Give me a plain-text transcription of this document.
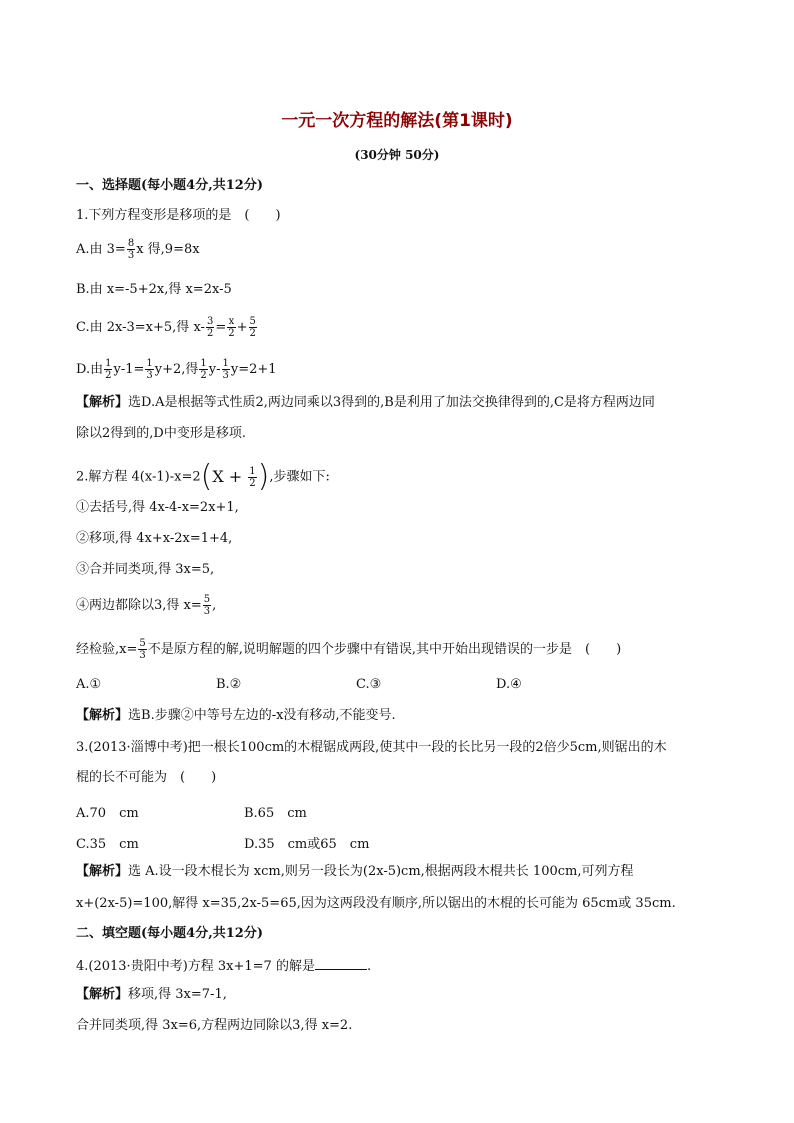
一元一次方程的解法(第1课时)
(30分钟 50分)
一、选择题(每小题4分,共12分)
1.下列方程变形是移项的是　(　　)
A.由 $3= \frac{8}{3}$ x 得,9=8x
B.由 x=-5+2x,得 x=2x-5
C.由 2x-3=x+5,得 $x- \frac{3}{2} = \frac{x}{2} + \frac{5}{2}$
D.由 $\frac{1}{2} y-1= \frac{1}{3} y+2$,得 $\frac{1}{2} y- \frac{1}{3} y=2+1$
【解析】选D.A是根据等式性质2,两边同乘以3得到的,B是利用了加法交换律得到的,C是将方程两边同
除以2得到的,D中变形是移项.
2.解方程 $4(x-1)-x=2(X + \frac{1}{2}$ ),步骤如下:
①去括号,得 4x-4-x=2x+1,
②移项,得 4x+x-2x=1+4,
③合并同类项,得 3x=5,
④两边都除以3,得 $x= \frac{5}{3}$ ,
经检验$,x= \frac{5}{3}$ 不是原方程的解,说明解题的四个步骤中有错误,其中开始出现错误的一步是　(　　)
A.①	B.②	C.③	D.④
【解析】选B.步骤②中等号左边的-x没有移动,不能变号.
3.(2013·淄博中考)把一根长100cm的木棍锯成两段,使其中一段的长比另一段的2倍少5cm,则锯出的木
棍的长不可能为　(　　)
A.70　cm	B.65　cm
C.35　cm	D.35　cm或65　cm
【解析】选 A.设一段木棍长为 xcm,则另一段长为(2x-5)cm,根据两段木棍共长 100cm,可列方程
x+(2x-5)=100,解得 x=35,2x-5=65,因为这两段没有顺序,所以锯出的木棍的长可能为 65cm或 35cm.
二、填空题(每小题4分,共12分)
4.(2013·贵阳中考)方程 3x+1=7 的解是	.
【解析】移项,得 3x=7-1,
合并同类项,得 3x=6,方程两边同除以3,得 x=2.
